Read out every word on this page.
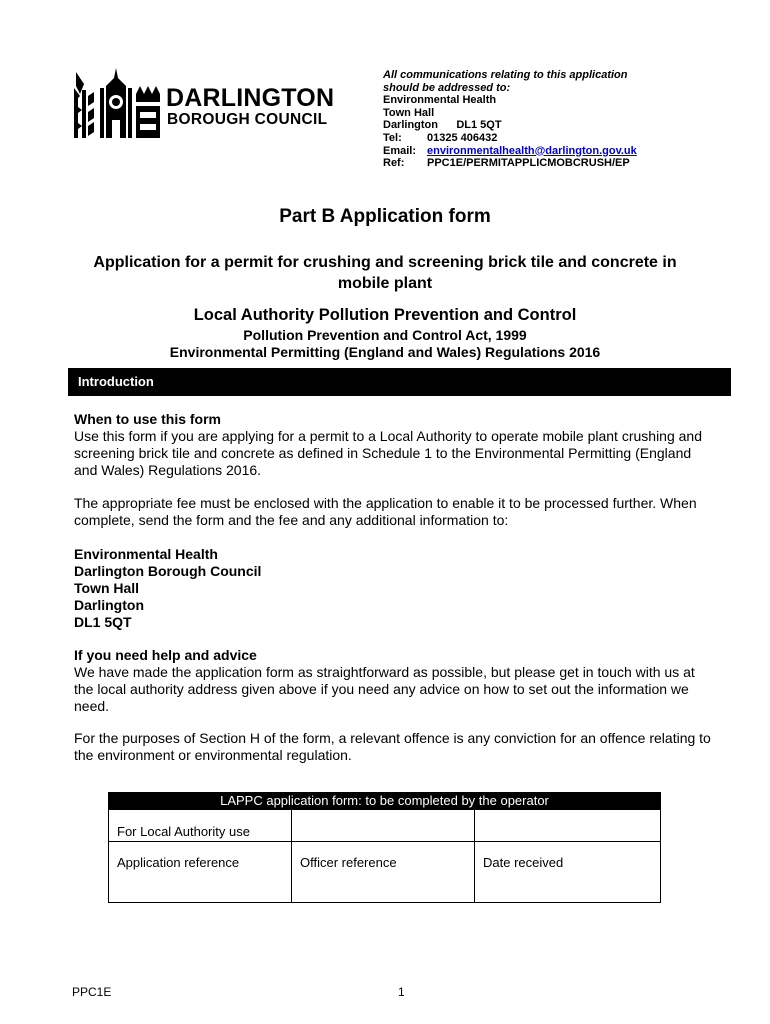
DARLINGTON
BOROUGH COUNCIL
All communications relating to this application
should be addressed to:
Environmental Health
Town Hall
Darlington      DL1 5QT
Tel: 01325 406432
Email: environmentalhealth@darlington.gov.uk
Ref: PPC1E/PERMITAPPLICMOBCRUSH/EP
Part B Application form
Application for a permit for crushing and screening brick tile and concrete in mobile plant
Local Authority Pollution Prevention and Control
Pollution Prevention and Control Act, 1999
Environmental Permitting (England and Wales) Regulations 2016
Introduction
When to use this form
Use this form if you are applying for a permit to a Local Authority to operate mobile plant crushing and screening brick tile and concrete as defined in Schedule 1 to the Environmental Permitting (England and Wales) Regulations 2016.
The appropriate fee must be enclosed with the application to enable it to be processed further. When complete, send the form and the fee and any additional information to:
Environmental Health
Darlington Borough Council
Town Hall
Darlington
DL1 5QT
If you need help and advice
We have made the application form as straightforward as possible, but please get in touch with us at the local authority address given above if you need any advice on how to set out the information we need.
For the purposes of Section H of the form, a relevant offence is any conviction for an offence relating to the environment or environmental regulation.
LAPPC application form: to be completed by the operator		
For Local Authority use		
Application reference	Officer reference	Date received
PPC1E	1
